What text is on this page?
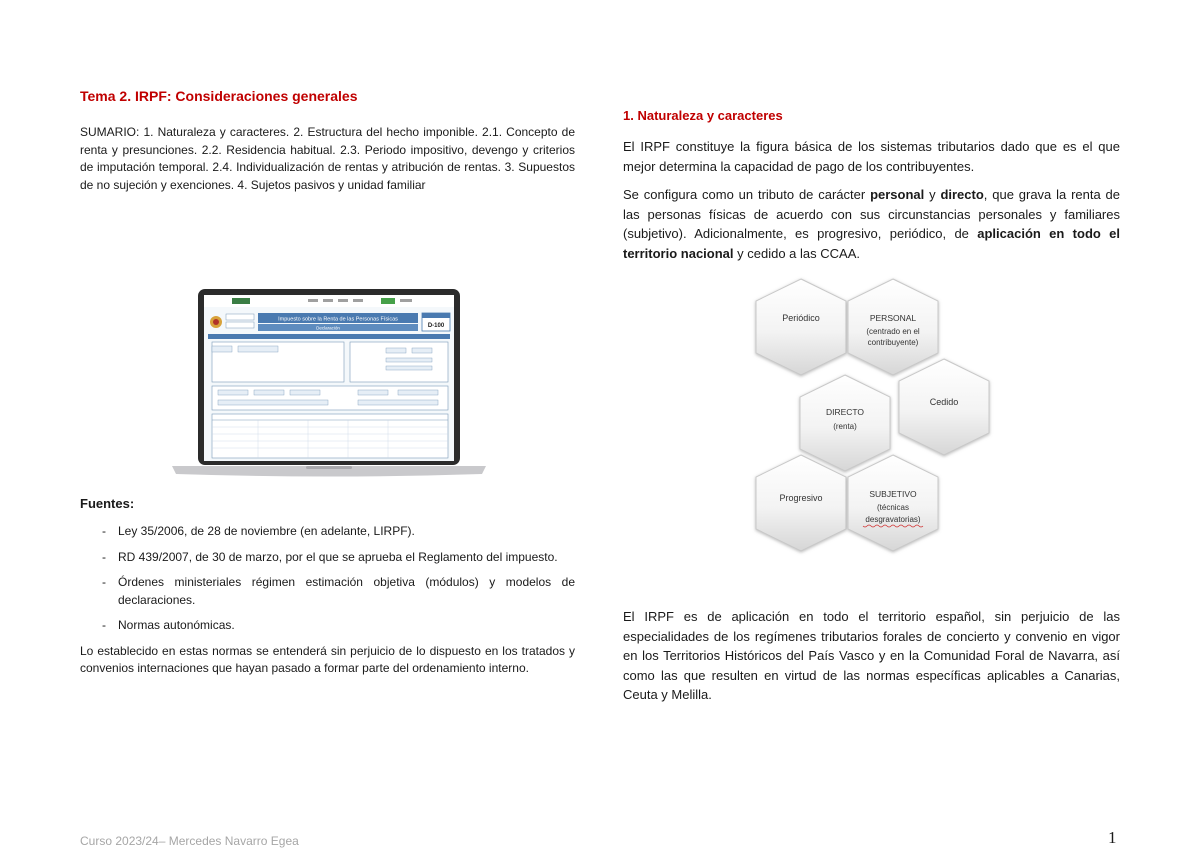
Tema 2. IRPF: Consideraciones generales

SUMARIO: 1. Naturaleza y caracteres. 2. Estructura del hecho imponible. 2.1. Concepto de renta y presunciones. 2.2. Residencia habitual. 2.3. Periodo impositivo, devengo y criterios de imputación temporal. 2.4. Individualización de rentas y atribución de rentas. 3. Supuestos de no sujeción y exenciones. 4. Sujetos pasivos y unidad familiar

Impuesto sobre la Renta de las Personas Físicas
Declaración	D-100
Fuentes:
- Ley 35/2006, de 28 de noviembre (en adelante, LIRPF).
- RD 439/2007, de 30 de marzo, por el que se aprueba el Reglamento del impuesto.
- Órdenes ministeriales régimen estimación objetiva (módulos) y modelos de declaraciones.
- Normas autonómicas.

Lo establecido en estas normas se entenderá sin perjuicio de lo dispuesto en los tratados y convenios internaciones que hayan pasado a formar parte del ordenamiento interno.

1. Naturaleza y caracteres

El IRPF constituye la figura básica de los sistemas tributarios dado que es el que mejor determina la capacidad de pago de los contribuyentes.

Se configura como un tributo de carácter personal y directo, que grava la renta de las personas físicas de acuerdo con sus circunstancias personales y familiares (subjetivo). Adicionalmente, es progresivo, periódico, de aplicación en todo el territorio nacional y cedido a las CCAA.

Periódico	PERSONAL
(centrado en el
contribuyente)
Cedido
DIRECTO
(renta)
Progresivo	SUBJETIVO
(técnicas
desgravatorias)

El IRPF es de aplicación en todo el territorio español, sin perjuicio de las especialidades de los regímenes tributarios forales de concierto y convenio en vigor en los Territorios Históricos del País Vasco y en la Comunidad Foral de Navarra, así como las que resulten en virtud de las normas específicas aplicables a Canarias, Ceuta y Melilla.

Curso 2023/24– Mercedes Navarro Egea	1
